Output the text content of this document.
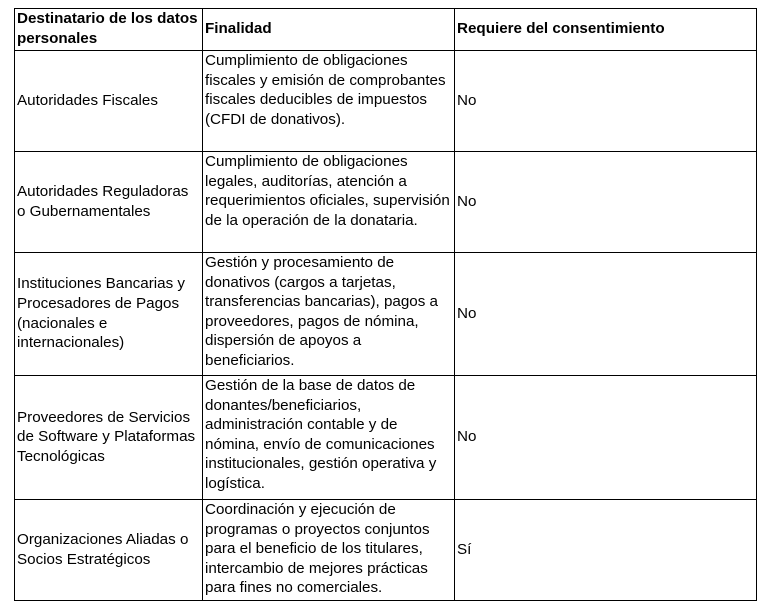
Destinatario de los datos personales	Finalidad	Requiere del consentimiento
Autoridades Fiscales	Cumplimiento de obligaciones fiscales y emisión de comprobantes fiscales deducibles de impuestos (CFDI de donativos).	No
Autoridades Reguladoras o Gubernamentales	Cumplimiento de obligaciones legales, auditorías, atención a requerimientos oficiales, supervisión de la operación de la donataria.	No
Instituciones Bancarias y Procesadores de Pagos (nacionales e internacionales)	Gestión y procesamiento de donativos (cargos a tarjetas, transferencias bancarias), pagos a proveedores, pagos de nómina, dispersión de apoyos a beneficiarios.	No
Proveedores de Servicios de Software y Plataformas Tecnológicas	Gestión de la base de datos de donantes/beneficiarios, administración contable y de nómina, envío de comunicaciones institucionales, gestión operativa y logística.	No
Organizaciones Aliadas o Socios Estratégicos	Coordinación y ejecución de programas o proyectos conjuntos para el beneficio de los titulares, intercambio de mejores prácticas para fines no comerciales.	Sí
